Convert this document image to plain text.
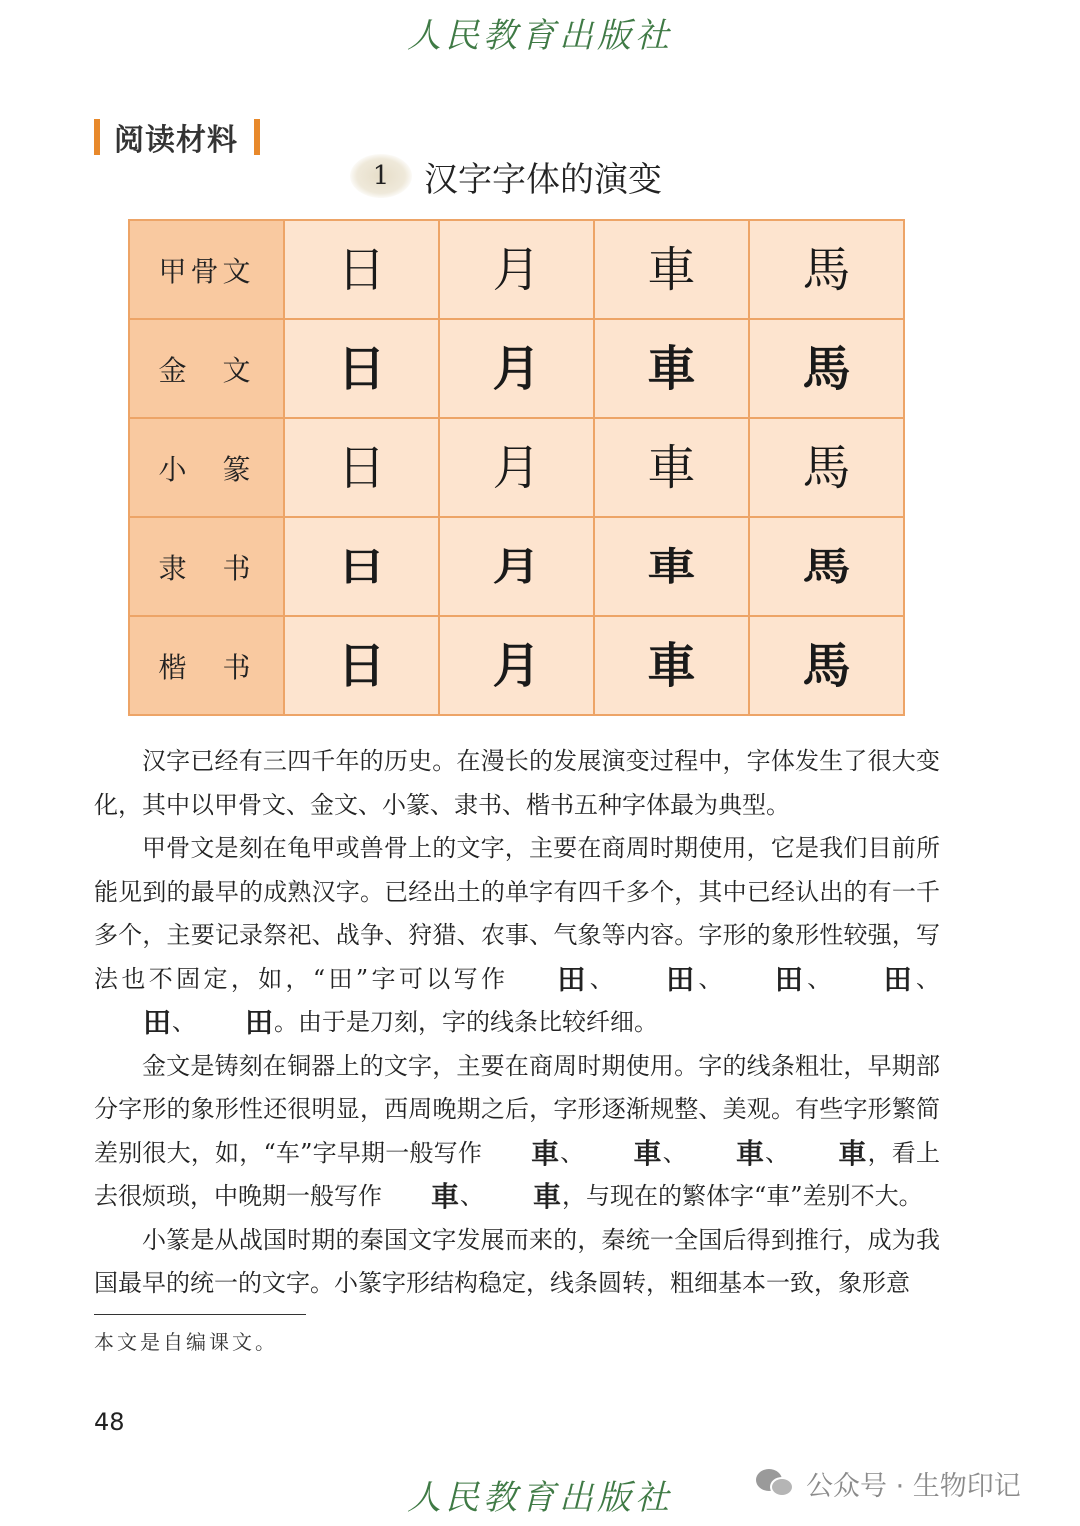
人民教育出版社
阅读材料
1	汉字字体的演变
甲骨文	日	月	車	馬
金　文	日	月	車	馬
小　篆	日	月	車	馬
隶　书	日	月	車	馬
楷　书	日	月	車	馬

汉字已经有三四千年的历史。在漫长的发展演变过程中，字体发生了很大变化，其中以甲骨文、金文、小篆、隶书、楷书五种字体最为典型。

甲骨文是刻在龟甲或兽骨上的文字，主要在商周时期使用，它是我们目前所能见到的最早的成熟汉字。已经出土的单字有四千多个，其中已经认出的有一千多个，主要记录祭祀、战争、狩猎、农事、气象等内容。字形的象形性较强，写法也不固定，如，“田”字可以写作 田、 田、 田、 田、田、 田。由于是刀刻，字的线条比较纤细。

金文是铸刻在铜器上的文字，主要在商周时期使用。字的线条粗壮，早期部分字形的象形性还很明显，西周晚期之后，字形逐渐规整、美观。有些字形繁简差别很大，如，“车”字早期一般写作 車、 車、 車、 車，看上去很烦琐，中晚期一般写作 車、 車，与现在的繁体字“車”差别不大。

小篆是从战国时期的秦国文字发展而来的，秦统一全国后得到推行，成为我国最早的统一的文字。小篆字形结构稳定，线条圆转，粗细基本一致，象形意

本文是自编课文。
48
人民教育出版社	公众号 · 生物印记
